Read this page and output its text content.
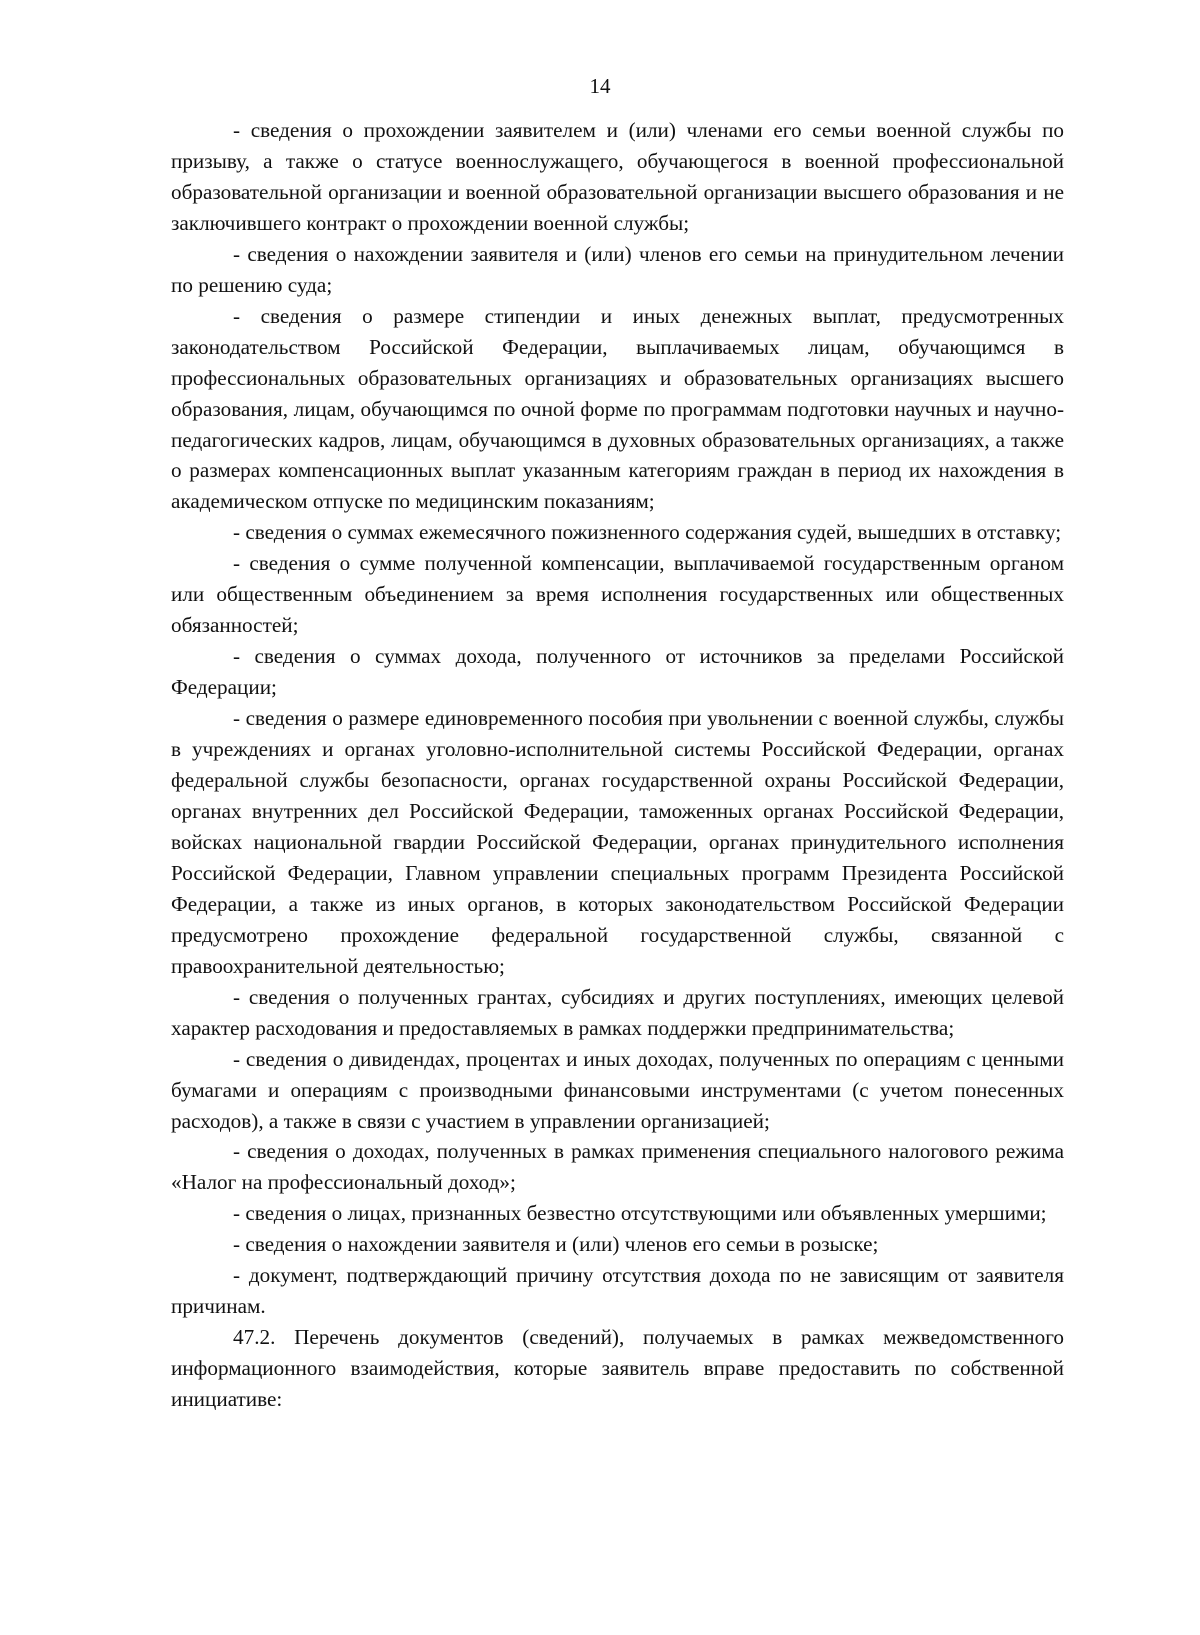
14

- сведения о прохождении заявителем и (или) членами его семьи военной службы по призыву, а также о статусе военнослужащего, обучающегося в военной профессиональной образовательной организации и военной образовательной организации высшего образования и не заключившего контракт о прохождении военной службы;

- сведения о нахождении заявителя и (или) членов его семьи на принудительном лечении по решению суда;

- сведения о размере стипендии и иных денежных выплат, предусмотренных законодательством Российской Федерации, выплачиваемых лицам, обучающимся в профессиональных образовательных организациях и образовательных организациях высшего образования, лицам, обучающимся по очной форме по программам подготовки научных и научно-педагогических кадров, лицам, обучающимся в духовных образовательных организациях, а также о размерах компенсационных выплат указанным категориям граждан в период их нахождения в академическом отпуске по медицинским показаниям;

- сведения о суммах ежемесячного пожизненного содержания судей, вышедших в отставку;

- сведения о сумме полученной компенсации, выплачиваемой государственным органом или общественным объединением за время исполнения государственных или общественных обязанностей;

- сведения о суммах дохода, полученного от источников за пределами Российской Федерации;

- сведения о размере единовременного пособия при увольнении с военной службы, службы в учреждениях и органах уголовно-исполнительной системы Российской Федерации, органах федеральной службы безопасности, органах государственной охраны Российской Федерации, органах внутренних дел Российской Федерации, таможенных органах Российской Федерации, войсках национальной гвардии Российской Федерации, органах принудительного исполнения Российской Федерации, Главном управлении специальных программ Президента Российской Федерации, а также из иных органов, в которых законодательством Российской Федерации предусмотрено прохождение федеральной государственной службы, связанной с правоохранительной деятельностью;

- сведения о полученных грантах, субсидиях и других поступлениях, имеющих целевой характер расходования и предоставляемых в рамках поддержки предпринимательства;

- сведения о дивидендах, процентах и иных доходах, полученных по операциям с ценными бумагами и операциям с производными финансовыми инструментами (с учетом понесенных расходов), а также в связи с участием в управлении организацией;

- сведения о доходах, полученных в рамках применения специального налогового режима «Налог на профессиональный доход»;

- сведения о лицах, признанных безвестно отсутствующими или объявленных умершими;

- сведения о нахождении заявителя и (или) членов его семьи в розыске;

- документ, подтверждающий причину отсутствия дохода по не зависящим от заявителя причинам.

47.2. Перечень документов (сведений), получаемых в рамках межведомственного информационного взаимодействия, которые заявитель вправе предоставить по собственной инициативе:
